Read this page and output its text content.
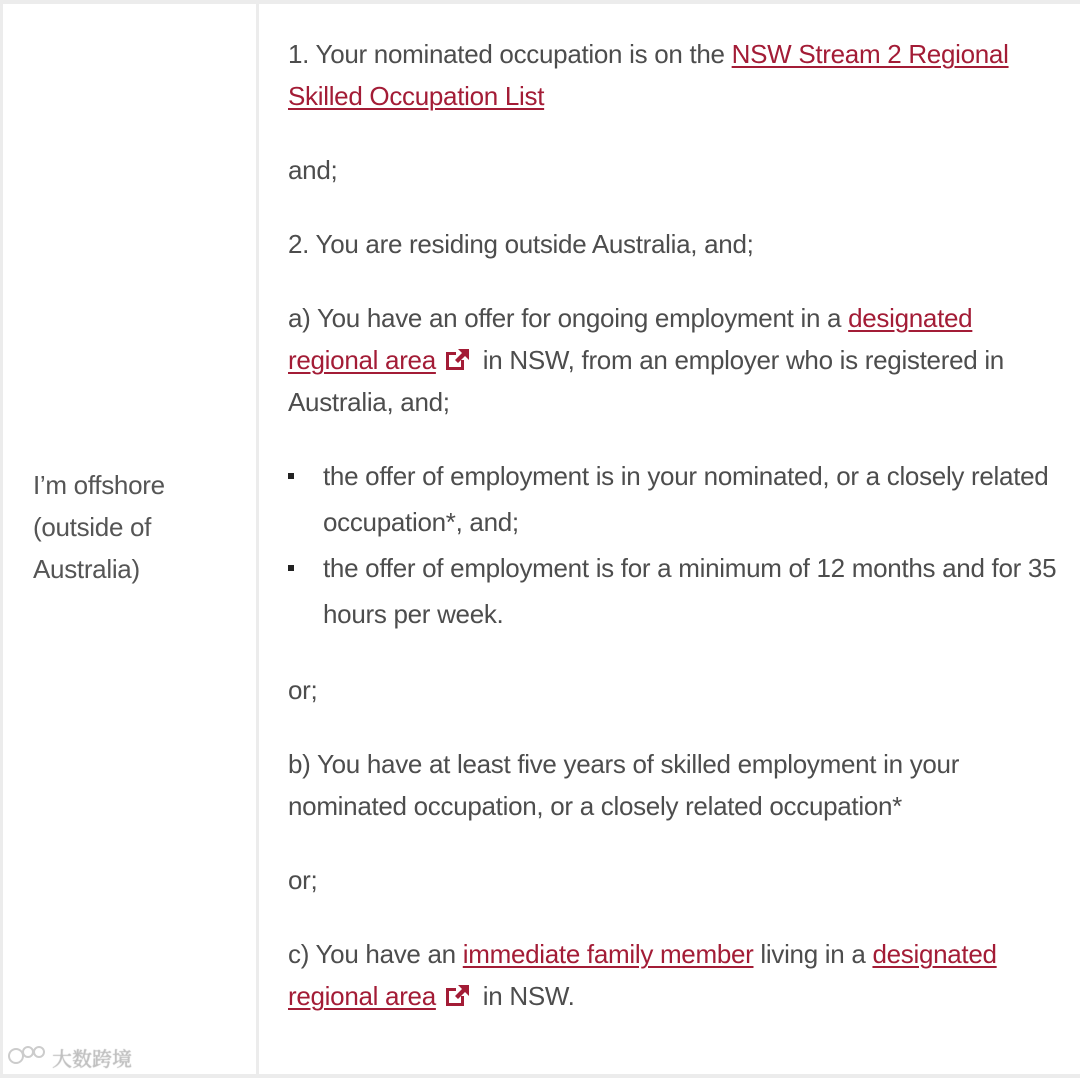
I’m offshore (outside of Australia)

1. Your nominated occupation is on the NSW Stream 2 Regional Skilled Occupation List

and;

2. You are residing outside Australia, and;

a) You have an offer for ongoing employment in a designated regional area in NSW, from an employer who is registered in Australia, and;

the offer of employment is in your nominated, or a closely related occupation*, and;
the offer of employment is for a minimum of 12 months and for 35 hours per week.

or;

b) You have at least five years of skilled employment in your nominated occupation, or a closely related occupation*

or;

c) You have an immediate family member living in a designated regional area in NSW.

大数跨境
